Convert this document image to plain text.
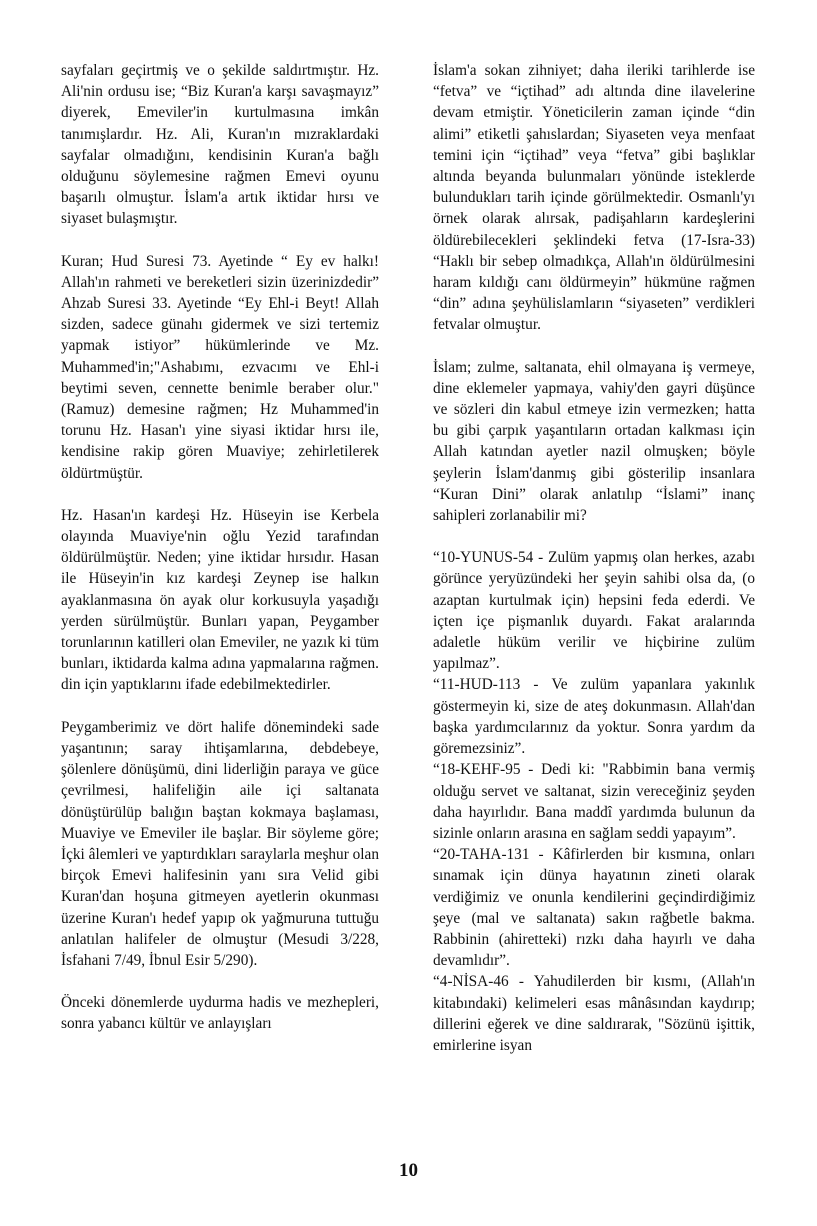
sayfaları geçirtmiş ve o şekilde saldırtmıştır. Hz. Ali'nin ordusu ise; “Biz Kuran'a karşı savaşmayız” diyerek, Emeviler'in kurtulmasına imkân tanımışlardır. Hz. Ali, Kuran'ın mızraklardaki sayfalar olmadığını, kendisinin Kuran'a bağlı olduğunu söylemesine rağmen Emevi oyunu başarılı olmuştur. İslam'a artık iktidar hırsı ve siyaset bulaşmıştır.

Kuran; Hud Suresi 73. Ayetinde “ Ey ev halkı! Allah'ın rahmeti ve bereketleri sizin üzerinizdedir” Ahzab Suresi 33. Ayetinde “Ey Ehl-i Beyt! Allah sizden, sadece günahı gidermek ve sizi tertemiz yapmak istiyor” hükümlerinde ve Mz. Muhammed'in;"Ashabımı, ezvacımı ve Ehl-i beytimi seven, cennette benimle beraber olur." (Ramuz) demesine rağmen; Hz Muhammed'in torunu Hz. Hasan'ı yine siyasi iktidar hırsı ile, kendisine rakip gören Muaviye; zehirletilerek öldürtmüştür.

Hz. Hasan'ın kardeşi Hz. Hüseyin ise Kerbela olayında Muaviye'nin oğlu Yezid tarafından öldürülmüştür. Neden; yine iktidar hırsıdır. Hasan ile Hüseyin'in kız kardeşi Zeynep ise halkın ayaklanmasına ön ayak olur korkusuyla yaşadığı yerden sürülmüştür. Bunları yapan, Peygamber torunlarının katilleri olan Emeviler, ne yazık ki tüm bunları, iktidarda kalma adına yapmalarına rağmen. din için yaptıklarını ifade edebilmektedirler.

Peygamberimiz ve dört halife dönemindeki sade yaşantının; saray ihtişamlarına, debdebeye, şölenlere dönüşümü, dini liderliğin paraya ve güce çevrilmesi, halifeliğin aile içi saltanata dönüştürülüp balığın baştan kokmaya başlaması, Muaviye ve Emeviler ile başlar. Bir söyleme göre; İçki âlemleri ve yaptırdıkları saraylarla meşhur olan birçok Emevi halifesinin yanı sıra Velid gibi Kuran'dan hoşuna gitmeyen ayetlerin okunması üzerine Kuran'ı hedef yapıp ok yağmuruna tuttuğu anlatılan halifeler de olmuştur (Mesudi 3/228, İsfahani 7/49, İbnul Esir 5/290).

Önceki dönemlerde uydurma hadis ve mezhepleri, sonra yabancı kültür ve anlayışları

İslam'a sokan zihniyet; daha ileriki tarihlerde ise “fetva” ve “içtihad” adı altında dine ilavelerine devam etmiştir. Yöneticilerin zaman içinde “din alimi” etiketli şahıslardan; Siyaseten veya menfaat temini için “içtihad” veya “fetva” gibi başlıklar altında beyanda bulunmaları yönünde isteklerde bulundukları tarih içinde görülmektedir. Osmanlı'yı örnek olarak alırsak, padişahların kardeşlerini öldürebilecekleri şeklindeki fetva (17-Isra-33) “Haklı bir sebep olmadıkça, Allah'ın öldürülmesini haram kıldığı canı öldürmeyin” hükmüne rağmen “din” adına şeyhülislamların “siyaseten” verdikleri fetvalar olmuştur.

İslam; zulme, saltanata, ehil olmayana iş vermeye, dine eklemeler yapmaya, vahiy'den gayri düşünce ve sözleri din kabul etmeye izin vermezken; hatta bu gibi çarpık yaşantıların ortadan kalkması için Allah katından ayetler nazil olmuşken; böyle şeylerin İslam'danmış gibi gösterilip insanlara “Kuran Dini” olarak anlatılıp “İslami” inanç sahipleri zorlanabilir mi?

“10-YUNUS-54 - Zulüm yapmış olan herkes, azabı görünce yeryüzündeki her şeyin sahibi olsa da, (o azaptan kurtulmak için) hepsini feda ederdi. Ve içten içe pişmanlık duyardı. Fakat aralarında adaletle hüküm verilir ve hiçbirine zulüm yapılmaz”.

“11-HUD-113 - Ve zulüm yapanlara yakınlık göstermeyin ki, size de ateş dokunmasın. Allah'dan başka yardımcılarınız da yoktur. Sonra yardım da göremezsiniz”.

“18-KEHF-95 - Dedi ki: "Rabbimin bana vermiş olduğu servet ve saltanat, sizin vereceğiniz şeyden daha hayırlıdır. Bana maddî yardımda bulunun da sizinle onların arasına en sağlam seddi yapayım”.

“20-TAHA-131 - Kâfirlerden bir kısmına, onları sınamak için dünya hayatının zineti olarak verdiğimiz ve onunla kendilerini geçindirdiğimiz şeye (mal ve saltanata) sakın rağbetle bakma. Rabbinin (ahiretteki) rızkı daha hayırlı ve daha devamlıdır”.

“4-NİSA-46 - Yahudilerden bir kısmı, (Allah'ın kitabındaki) kelimeleri esas mânâsından kaydırıp; dillerini eğerek ve dine saldırarak, "Sözünü işittik, emirlerine isyan

10
